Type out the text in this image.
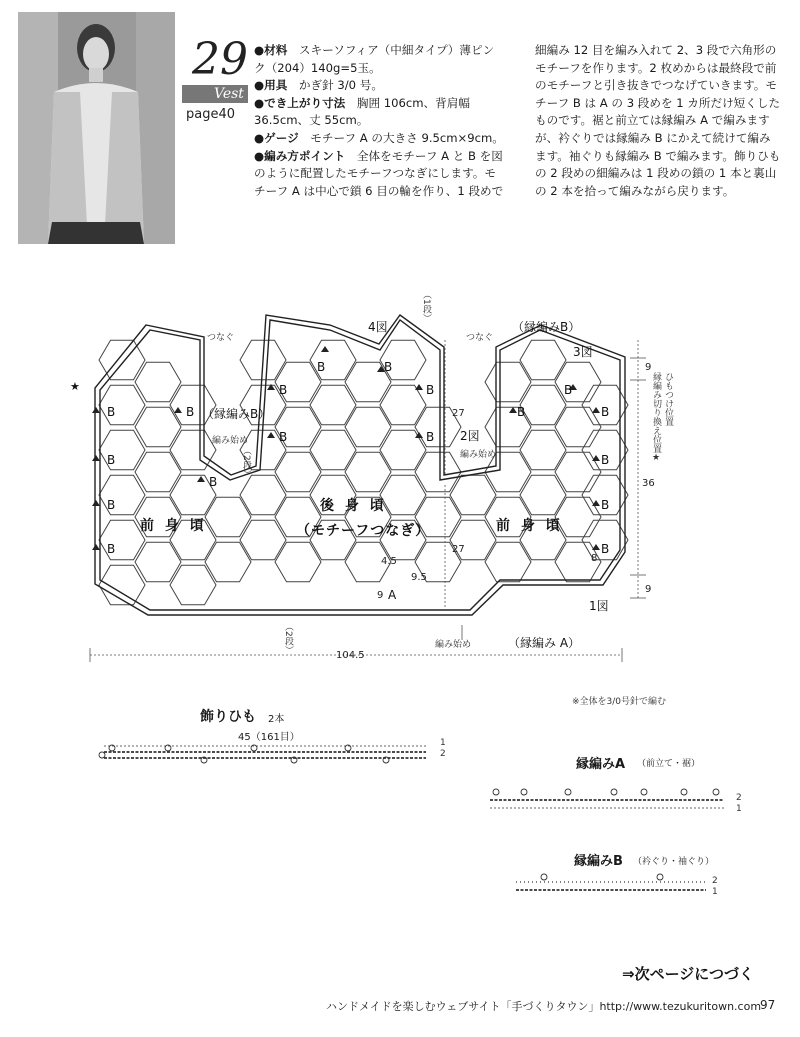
29
Vest
page40

●材料　 スキーソフィア（中細タイプ）薄ピンク（204）140g=5玉。

●用具　 かぎ針 3/0 号。

●でき上がり寸法　 胸囲 106cm、背肩幅 36.5cm、丈 55cm。

●ゲージ　 モチーフ A の大きさ 9.5cm×9cm。

●編み方ポイント　 全体をモチーフ A と B を図のように配置したモチーフつなぎにします。モチーフ A は中心で鎖 6 目の輪を作り、1 段めで

細編み 12 目を編み入れて 2、3 段で六角形のモチーフを作ります。2 枚めからは最終段で前のモチーフと引き抜きでつなげていきます。モチーフ B は A の 3 段めを 1 カ所だけ短くしたものです。裾と前立ては縁編み A で編みますが、衿ぐりでは縁編み B にかえて続けて編みます。袖ぐりも縁編み B で編みます。飾りひもの 2 段めの細編みは 1 段めの鎖の 1 本と裏山の 2 本を拾って編みながら戻ります。

B
B
B
B
B
B
B
B
B	B
B
B
B
B
B
B
B
B
A
前 身 頃
後 身 頃
（モチーフつなぎ）	前 身 頃
（縁編みB）
（縁編みB）
（縁編み A）
1図
2図
3図
4図
つなぐ	つなぐ
編み始め
編み始め
編み始め
（1段）
（2段）
（2段）
27
27
9
36
9
104.5
4.5
9.5
9
8
ひもつけ位置
縁編み切り換え位置★
★
※全体を3/0号針で編む
飾りひも 2本
45（161目）	1
2
縁編みA （前立て・裾）
2
1
縁編みB （衿ぐり・袖ぐり）
2
1
⇒次ページにつづく
ハンドメイドを楽しむウェブサイト「手づくりタウン」http://www.tezukuritown.com
97
